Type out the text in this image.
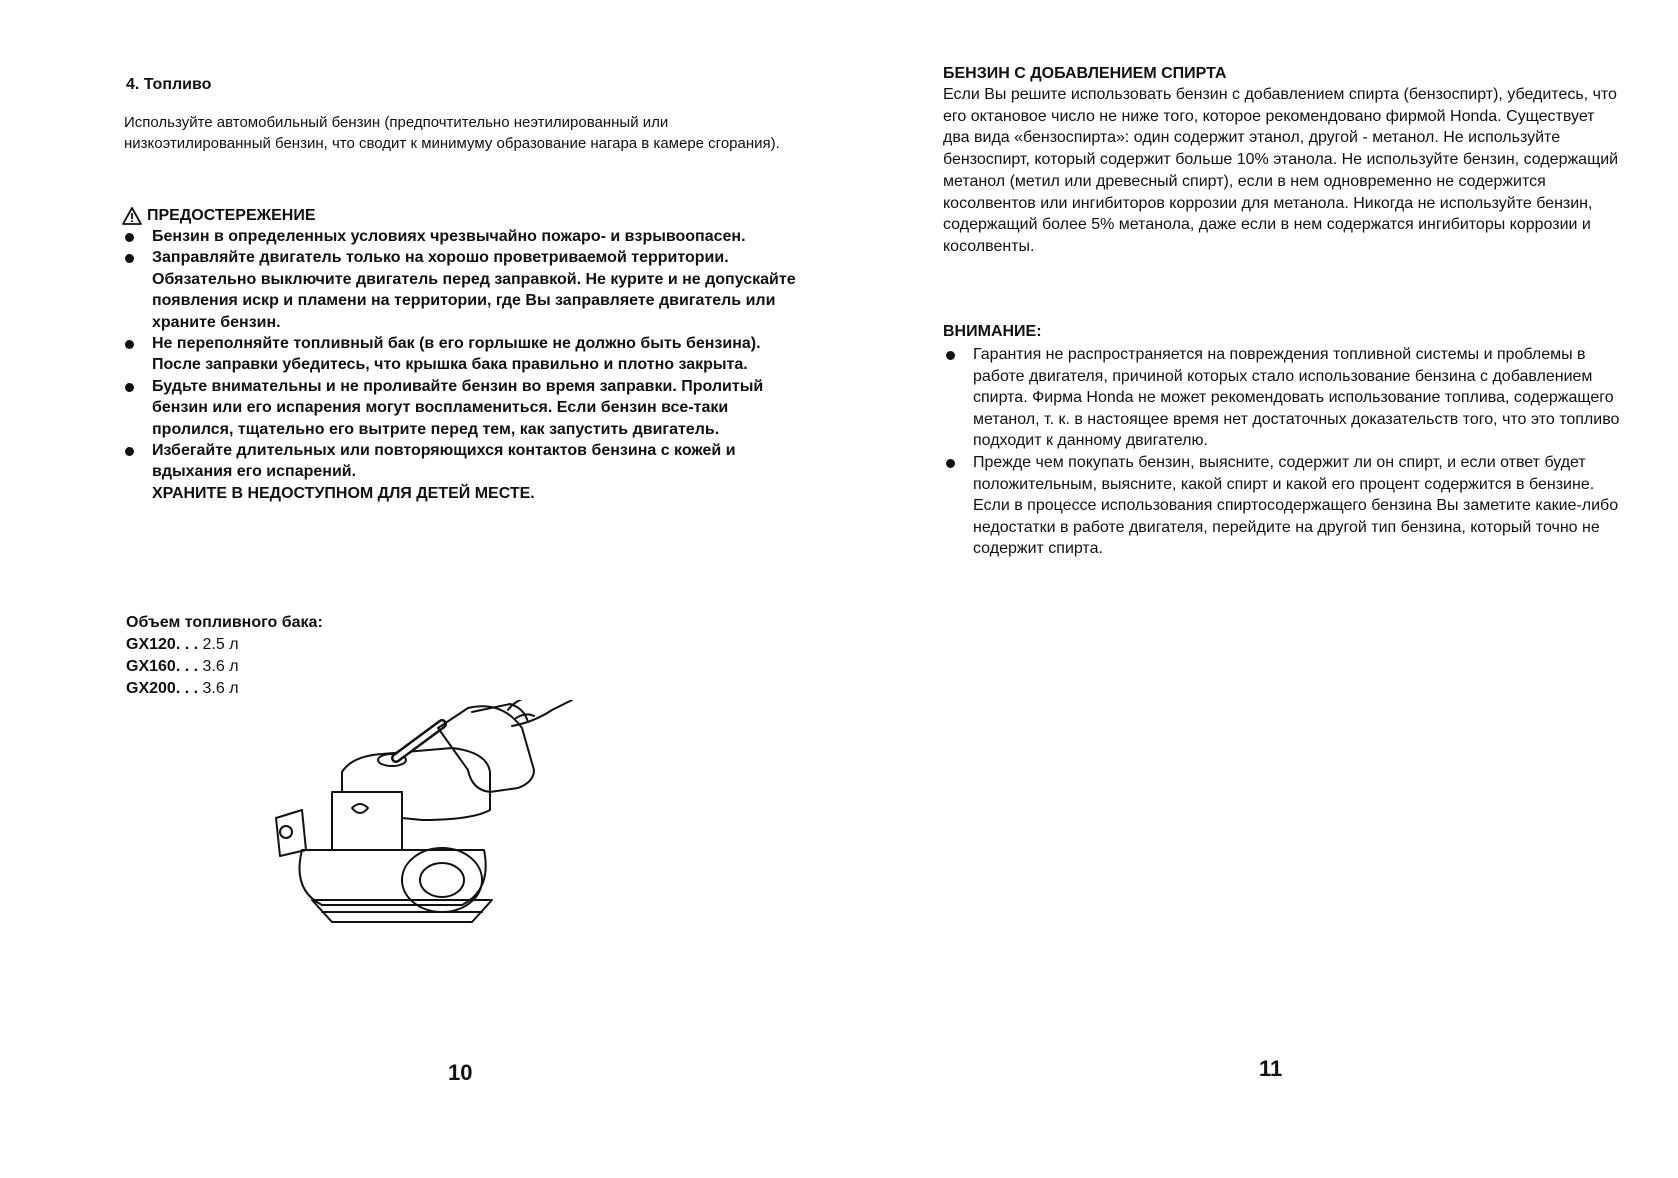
4. Топливо
Используйте автомобильный бензин (предпочтительно неэтилированный или низкоэтилированный бензин, что сводит к минимуму образование нагара в камере сгорания).
ПРЕДОСТЕРЕЖЕНИЕ
Бензин в определенных условиях чрезвычайно пожаро- и взрывоопасен.
Заправляйте двигатель только на хорошо проветриваемой территории. Обязательно выключите двигатель перед заправкой. Не курите и не допускайте появления искр и пламени на территории, где Вы заправляете двигатель или храните бензин.
Не переполняйте топливный бак (в его горлышке не должно быть бензина). После заправки убедитесь, что крышка бака правильно и плотно закрыта.
Будьте внимательны и не проливайте бензин во время заправки. Пролитый бензин или его испарения могут воспламениться. Если бензин все-таки пролился, тщательно его вытрите перед тем, как запустить двигатель.
Избегайте длительных или повторяющихся контактов бензина с кожей и вдыхания его испарений.
ХРАНИТЕ В НЕДОСТУПНОМ ДЛЯ ДЕТЕЙ МЕСТЕ.
Объем топливного бака:
GX120. . . 2.5 л
GX160. . . 3.6 л
GX200. . . 3.6 л
10
БЕНЗИН С ДОБАВЛЕНИЕМ СПИРТА
Если Вы решите использовать бензин с добавлением спирта (бензоспирт), убедитесь, что его октановое число не ниже того, которое рекомендовано фирмой Honda. Существует два вида «бензоспирта»: один содержит этанол, другой - метанол. Не используйте бензоспирт, который содержит больше 10% этанола. Не используйте бензин, содержащий метанол (метил или древесный спирт), если в нем одновременно не содержится косолвентов или ингибиторов коррозии для метанола. Никогда не используйте бензин, содержащий более 5% метанола, даже если в нем содержатся ингибиторы коррозии и косолвенты.
ВНИМАНИЕ:
Гарантия не распространяется на повреждения топливной системы и проблемы в работе двигателя, причиной которых стало использование бензина с добавлением спирта. Фирма Honda не может рекомендовать использование топлива, содержащего метанол, т. к. в настоящее время нет достаточных доказательств того, что это топливо подходит к данному двигателю.
Прежде чем покупать бензин, выясните, содержит ли он спирт, и если ответ будет положительным, выясните, какой спирт и какой его процент содержится в бензине. Если в процессе использования спиртосодержащего бензина Вы заметите какие-либо недостатки в работе двигателя, перейдите на другой тип бензина, который точно не содержит спирта.
11
